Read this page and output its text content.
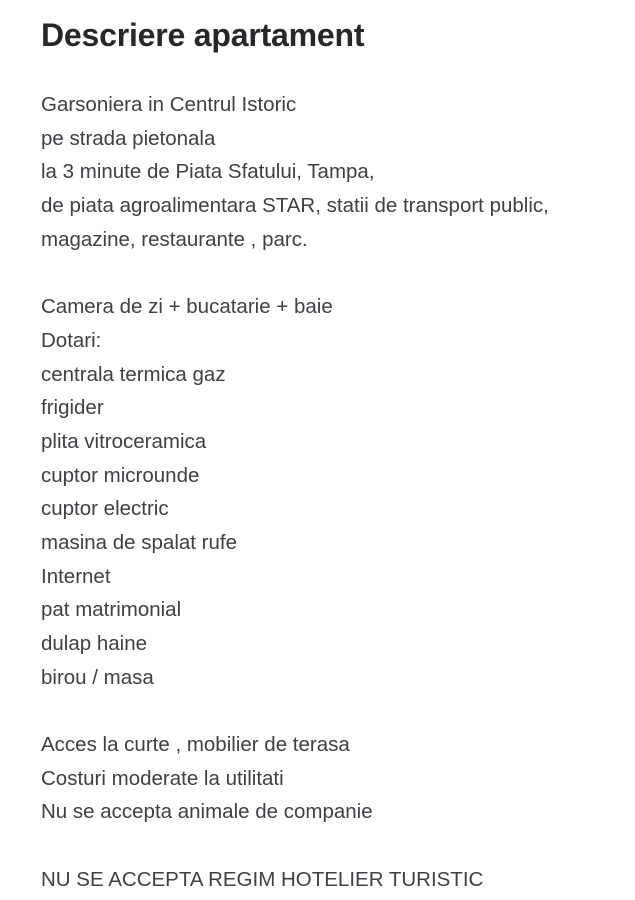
Descriere apartament
Garsoniera in Centrul Istoric
pe strada pietonala
la 3 minute de Piata Sfatului, Tampa,
de piata agroalimentara STAR, statii de transport public,
magazine, restaurante , parc.
Camera de zi + bucatarie + baie
Dotari:
centrala termica gaz
frigider
plita vitroceramica
cuptor microunde
cuptor electric
masina de spalat rufe
Internet
pat matrimonial
dulap haine
birou / masa
Acces la curte , mobilier de terasa
Costuri moderate la utilitati
Nu se accepta animale de companie
NU SE ACCEPTA REGIM HOTELIER TURISTIC
